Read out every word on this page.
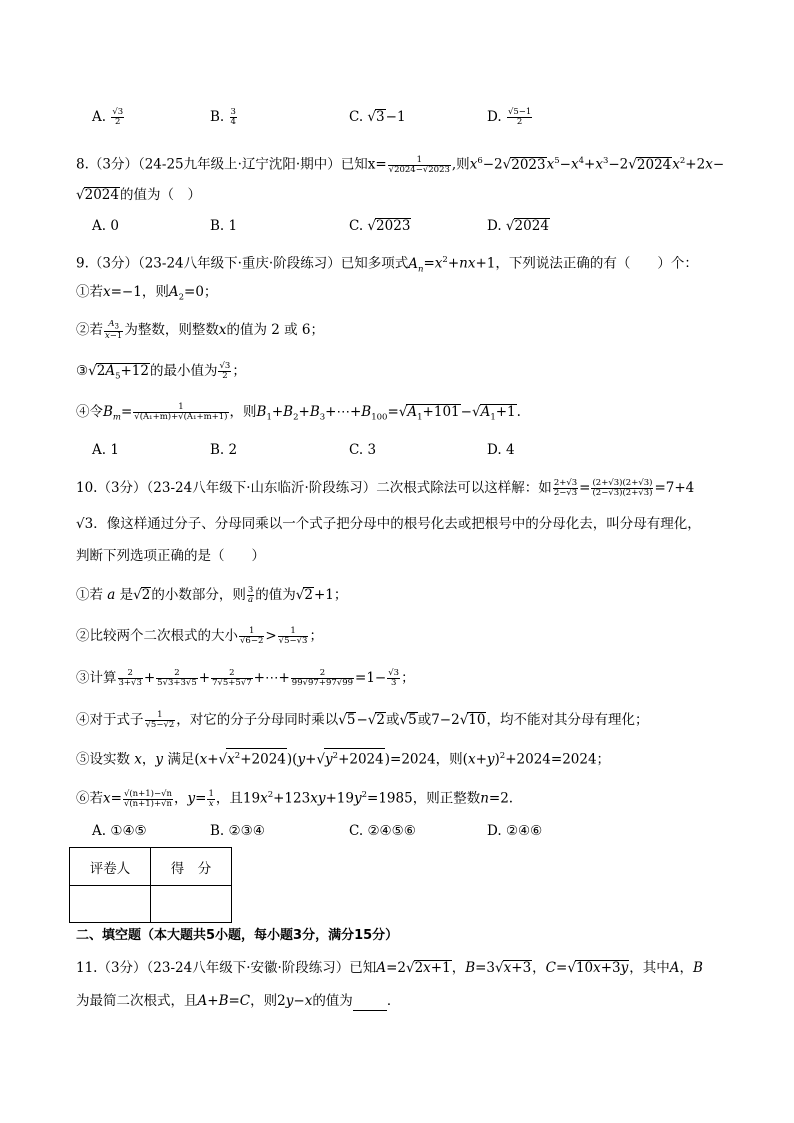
A. $\frac{√3}{2}$	B. $\frac{3}{4}$	C. √3−1	D. $\frac{√5-1}{2}$
8.（3分）（24-25九年级上·辽宁沈阳·期中）已知$x= \frac{1}{√2024-√2023}$ ,则$x^6-2√2023x^5-x^4+x^3-2√2024x^2+2x-$
√2024的值为（　）
A. 0	B. 1	C. √2023	D. √2024
9.（3分）（23-24八年级下·重庆·阶段练习）已知多项式$A_n=x^2+nx+1$，下列说法正确的有（　　）个：
①若x=−1，则$A_2=0$；
②若 $\frac{A_3}{x-1}$ 为整数，则整数x的值为 2 或 6；
$③√2A_5+12$的最小值为 $\frac{√3}{2}$ ；
④令$B_m= \frac{1}{\text{√(A₁+m)+√(A₁+m+1)}}$ ，则$B_1+B_2+B_3+\cdots+B_{100}=√A_1+101-√A_1+1$.
A. 1	B. 2	C. 3	D. 4
10.（3分）（23-24八年级下·山东临沂·阶段练习）二次根式除法可以这样解：如 $\frac{2+√3}{2-√3} = \frac{(2+√3)(2+√3)}{(2-√3)(2+√3)} =7+4$
√3．像这样通过分子、分母同乘以一个式子把分母中的根号化去或把根号中的分母化去，叫分母有理化，
判断下列选项正确的是（　　）
①若 a 是√2的小数部分，则 $\frac{3}{a}$ 的值为√2+1；
②比较两个二次根式的大小 $\frac{1}{√6-2} > \frac{1}{√5-√3}$ ；
③计算 $\frac{2}{3+√3} + \frac{2}{5√3+3√5} + \frac{2}{7√5+5√7}$ +⋯+ $\frac{2}{99√97+97√99} =1- \frac{√3}{3}$ ；
④对于式子 $\frac{1}{√5-√2}$ ，对它的分子分母同时乘以√5−√2或√5或7−2√10，均不能对其分母有理化；
⑤设实数 x，y 满足$(x+√x^2+2024)(y+√y^2+2024)=2024$，则$(x+y)^2+2024=2024$；
⑥若$x= \frac{√(n+1)-√n}{√(n+1)+√n}$ ，$y= \frac{1}{x}$ ，且$19x^2+123xy+19y^2=1985$，则正整数n=2.
A. ①④⑤	B. ②③④	C. ②④⑤⑥	D. ②④⑥
评卷人	得　分

二、填空题（本大题共5小题，每小题3分，满分15分）
11.（3分）（23-24八年级下·安徽·阶段练习）已知A=2√2x+1，B=3√x+3，C=√10x+3y，其中A，B
为最简二次根式，且A+B=C，则2y−x的值为	．
